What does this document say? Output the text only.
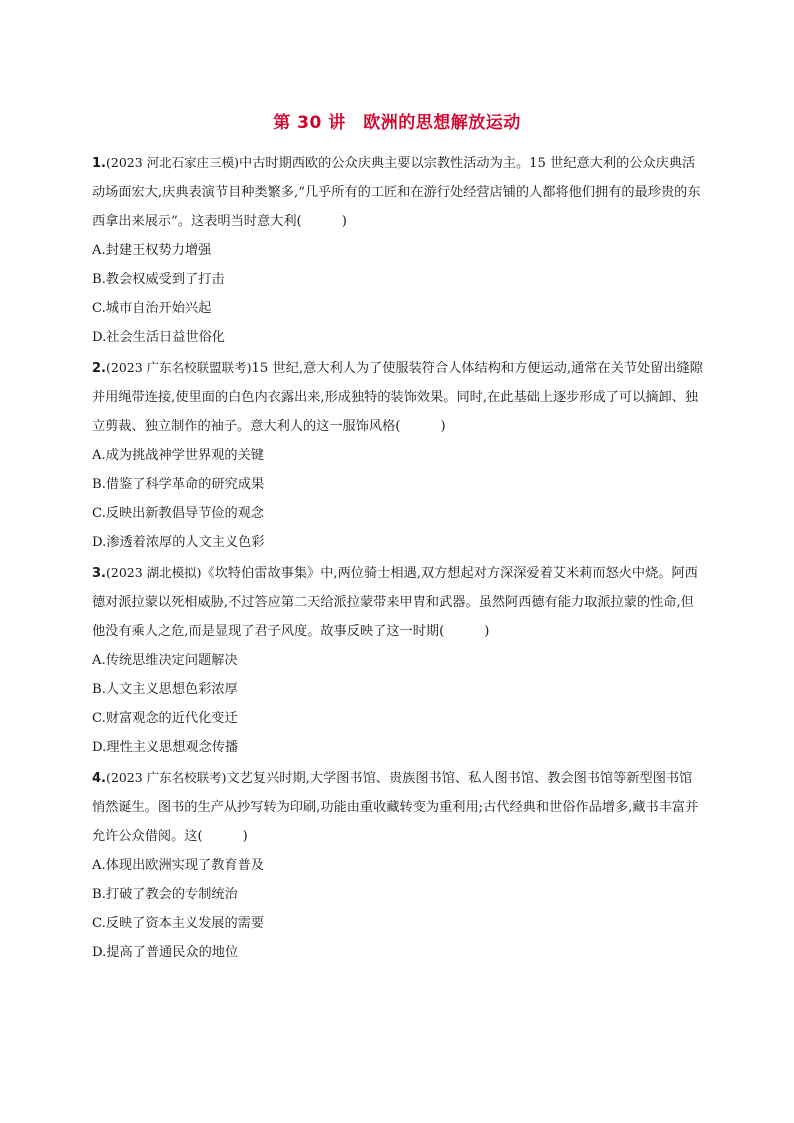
第 30 讲　欧洲的思想解放运动

1.(2023 河北石家庄三模)中古时期西欧的公众庆典主要以宗教性活动为主。15 世纪意大利的公众庆典活动场面宏大,庆典表演节目种类繁多,“几乎所有的工匠和在游行处经营店铺的人都将他们拥有的最珍贵的东西拿出来展示”。这表明当时意大利(	)

A.封建王权势力增强

B.教会权威受到了打击

C.城市自治开始兴起

D.社会生活日益世俗化

2.(2023 广东名校联盟联考)15 世纪,意大利人为了使服装符合人体结构和方便运动,通常在关节处留出缝隙并用绳带连接,使里面的白色内衣露出来,形成独特的装饰效果。同时,在此基础上逐步形成了可以摘卸、独立剪裁、独立制作的袖子。意大利人的这一服饰风格(	)

A.成为挑战神学世界观的关键

B.借鉴了科学革命的研究成果

C.反映出新教倡导节俭的观念

D.渗透着浓厚的人文主义色彩

3.(2023 湖北模拟)《坎特伯雷故事集》中,两位骑士相遇,双方想起对方深深爱着艾米莉而怒火中烧。阿西德对派拉蒙以死相威胁,不过答应第二天给派拉蒙带来甲胄和武器。虽然阿西德有能力取派拉蒙的性命,但他没有乘人之危,而是显现了君子风度。故事反映了这一时期(	)

A.传统思维决定问题解决

B.人文主义思想色彩浓厚

C.财富观念的近代化变迁

D.理性主义思想观念传播

4.(2023 广东名校联考)文艺复兴时期,大学图书馆、贵族图书馆、私人图书馆、教会图书馆等新型图书馆悄然诞生。图书的生产从抄写转为印刷,功能由重收藏转变为重利用;古代经典和世俗作品增多,藏书丰富并允许公众借阅。这(	)

A.体现出欧洲实现了教育普及

B.打破了教会的专制统治

C.反映了资本主义发展的需要

D.提高了普通民众的地位
